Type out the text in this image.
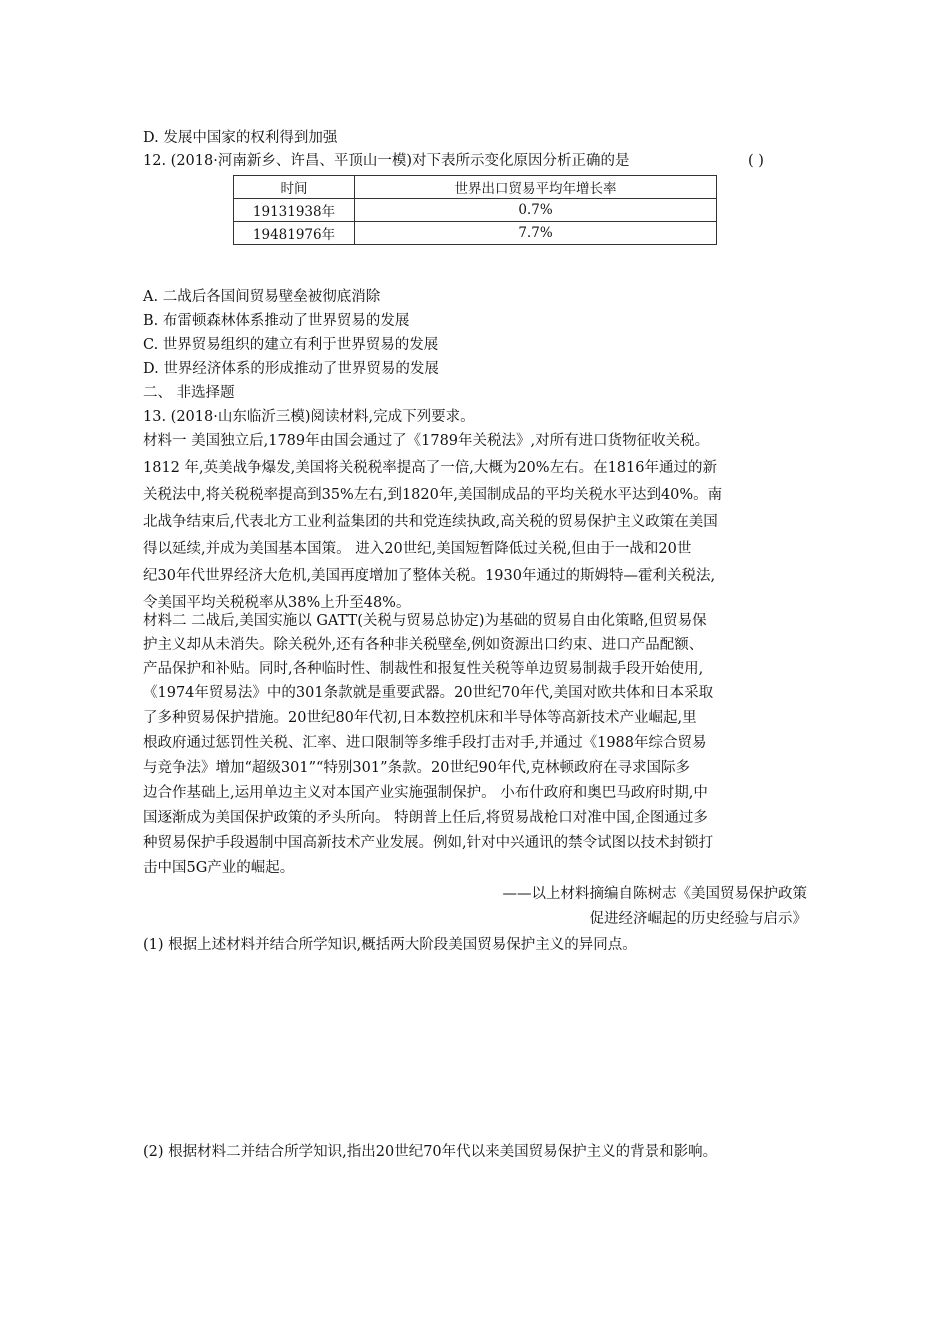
D. 发展中国家的权利得到加强
12. (2018·河南新乡、许昌、平顶山一模)对下表所示变化原因分析正确的是	( )
时间	世界出口贸易平均年增长率
19131938年	0.7%
19481976年	7.7%
A. 二战后各国间贸易壁垒被彻底消除
B. 布雷顿森林体系推动了世界贸易的发展
C. 世界贸易组织的建立有利于世界贸易的发展
D. 世界经济体系的形成推动了世界贸易的发展
二、 非选择题
13. (2018·山东临沂三模)阅读材料,完成下列要求。
材料一 美国独立后,1789年由国会通过了《1789年关税法》,对所有进口货物征收关税。
1812 年,英美战争爆发,美国将关税税率提高了一倍,大概为20%左右。在1816年通过的新
关税法中,将关税税率提高到35%左右,到1820年,美国制成品的平均关税水平达到40%。南
北战争结束后,代表北方工业利益集团的共和党连续执政,高关税的贸易保护主义政策在美国
得以延续,并成为美国基本国策。 进入20世纪,美国短暂降低过关税,但由于一战和20世
纪30年代世界经济大危机,美国再度增加了整体关税。1930年通过的斯姆特—霍利关税法,
令美国平均关税税率从38%上升至48%。
材料二 二战后,美国实施以 GATT(关税与贸易总协定)为基础的贸易自由化策略,但贸易保
护主义却从未消失。除关税外,还有各种非关税壁垒,例如资源出口约束、进口产品配额、
产品保护和补贴。同时,各种临时性、制裁性和报复性关税等单边贸易制裁手段开始使用,
《1974年贸易法》中的301条款就是重要武器。20世纪70年代,美国对欧共体和日本采取
了多种贸易保护措施。20世纪80年代初,日本数控机床和半导体等高新技术产业崛起,里
根政府通过惩罚性关税、汇率、进口限制等多维手段打击对手,并通过《1988年综合贸易
与竞争法》增加“超级301”“特别301”条款。20世纪90年代,克林顿政府在寻求国际多
边合作基础上,运用单边主义对本国产业实施强制保护。 小布什政府和奥巴马政府时期,中
国逐渐成为美国保护政策的矛头所向。 特朗普上任后,将贸易战枪口对准中国,企图通过多
种贸易保护手段遏制中国高新技术产业发展。例如,针对中兴通讯的禁令试图以技术封锁打
击中国5G产业的崛起。
——以上材料摘编自陈树志《美国贸易保护政策
促进经济崛起的历史经验与启示》
(1) 根据上述材料并结合所学知识,概括两大阶段美国贸易保护主义的异同点。
(2) 根据材料二并结合所学知识,指出20世纪70年代以来美国贸易保护主义的背景和影响。
